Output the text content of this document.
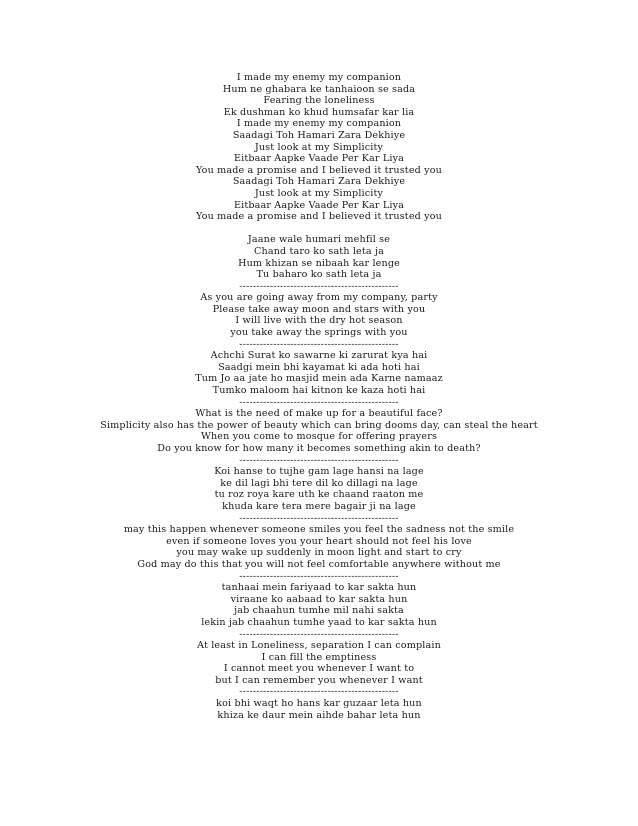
I made my enemy my companion
Hum ne ghabara ke tanhaioon se sada
Fearing the loneliness
Ek dushman ko khud humsafar kar lia
I made my enemy my companion
Saadagi Toh Hamari Zara Dekhiye
Just look at my Simplicity
Eitbaar Aapke Vaade Per Kar Liya
You made a promise and I believed it trusted you
Saadagi Toh Hamari Zara Dekhiye
Just look at my Simplicity
Eitbaar Aapke Vaade Per Kar Liya
You made a promise and I believed it trusted you
Jaane wale humari mehfil se
Chand taro ko sath leta ja
Hum khizan se nibaah kar lenge
Tu baharo ko sath leta ja
-----------------------------------------------
As you are going away from my company, party
Please take away moon and stars with you
I will live with the dry hot season
you take away the springs with you
-----------------------------------------------
Achchi Surat ko sawarne ki zarurat kya hai
Saadgi mein bhi kayamat ki ada hoti hai
Tum Jo aa jate ho masjid mein ada Karne namaaz
Tumko maloom hai kitnon ke kaza hoti hai
-----------------------------------------------
What is the need of make up for a beautiful face?
Simplicity also has the power of beauty which can bring dooms day, can steal the heart
When you come to mosque for offering prayers
Do you know for how many it becomes something akin to death?
-----------------------------------------------
Koi hanse to tujhe gam lage hansi na lage
ke dil lagi bhi tere dil ko dillagi na lage
tu roz roya kare uth ke chaand raaton me
khuda kare tera mere bagair ji na lage
-----------------------------------------------
may this happen whenever someone smiles you feel the sadness not the smile
even if someone loves you your heart should not feel his love
you may wake up suddenly in moon light and start to cry
God may do this that you will not feel comfortable anywhere without me
-----------------------------------------------
tanhaai mein fariyaad to kar sakta hun
viraane ko aabaad to kar sakta hun
jab chaahun tumhe mil nahi sakta
lekin jab chaahun tumhe yaad to kar sakta hun
-----------------------------------------------
At least in Loneliness, separation I can complain
I can fill the emptiness
I cannot meet you whenever I want to
but I can remember you whenever I want
-----------------------------------------------
koi bhi waqt ho hans kar guzaar leta hun
khiza ke daur mein aihde bahar leta hun
